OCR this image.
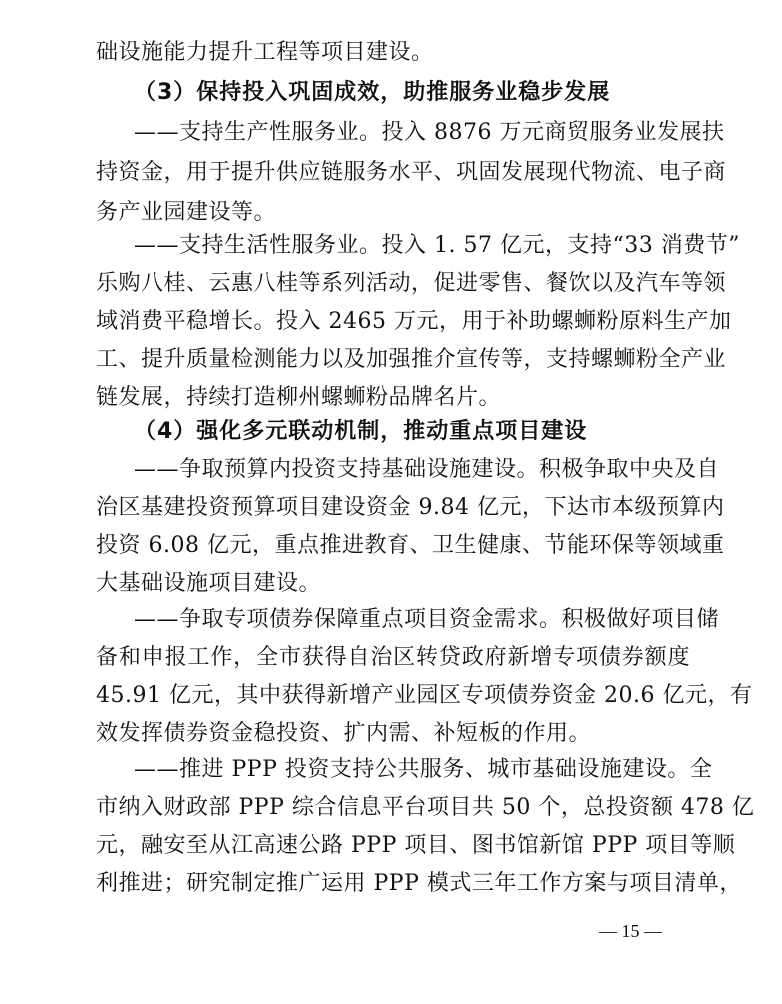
础设施能力提升工程等项目建设。
（3）保持投入巩固成效，助推服务业稳步发展
——支持生产性服务业。投入 8876 万元商贸服务业发展扶
持资金，用于提升供应链服务水平、巩固发展现代物流、电子商
务产业园建设等。
——支持生活性服务业。投入 1. 57 亿元，支持“33 消费节”
乐购八桂、云惠八桂等系列活动，促进零售、餐饮以及汽车等领
域消费平稳增长。投入 2465 万元，用于补助螺蛳粉原料生产加
工、提升质量检测能力以及加强推介宣传等，支持螺蛳粉全产业
链发展，持续打造柳州螺蛳粉品牌名片。
（4）强化多元联动机制，推动重点项目建设
——争取预算内投资支持基础设施建设。积极争取中央及自
治区基建投资预算项目建设资金 9.84 亿元，下达市本级预算内
投资 6.08 亿元，重点推进教育、卫生健康、节能环保等领域重
大基础设施项目建设。
——争取专项债券保障重点项目资金需求。积极做好项目储
备和申报工作，全市获得自治区转贷政府新增专项债券额度
45.91 亿元，其中获得新增产业园区专项债券资金 20.6 亿元，有
效发挥债券资金稳投资、扩内需、补短板的作用。
——推进 PPP 投资支持公共服务、城市基础设施建设。全
市纳入财政部 PPP 综合信息平台项目共 50 个，总投资额 478 亿
元，融安至从江高速公路 PPP 项目、图书馆新馆 PPP 项目等顺
利推进；研究制定推广运用 PPP 模式三年工作方案与项目清单，
— 15 —
